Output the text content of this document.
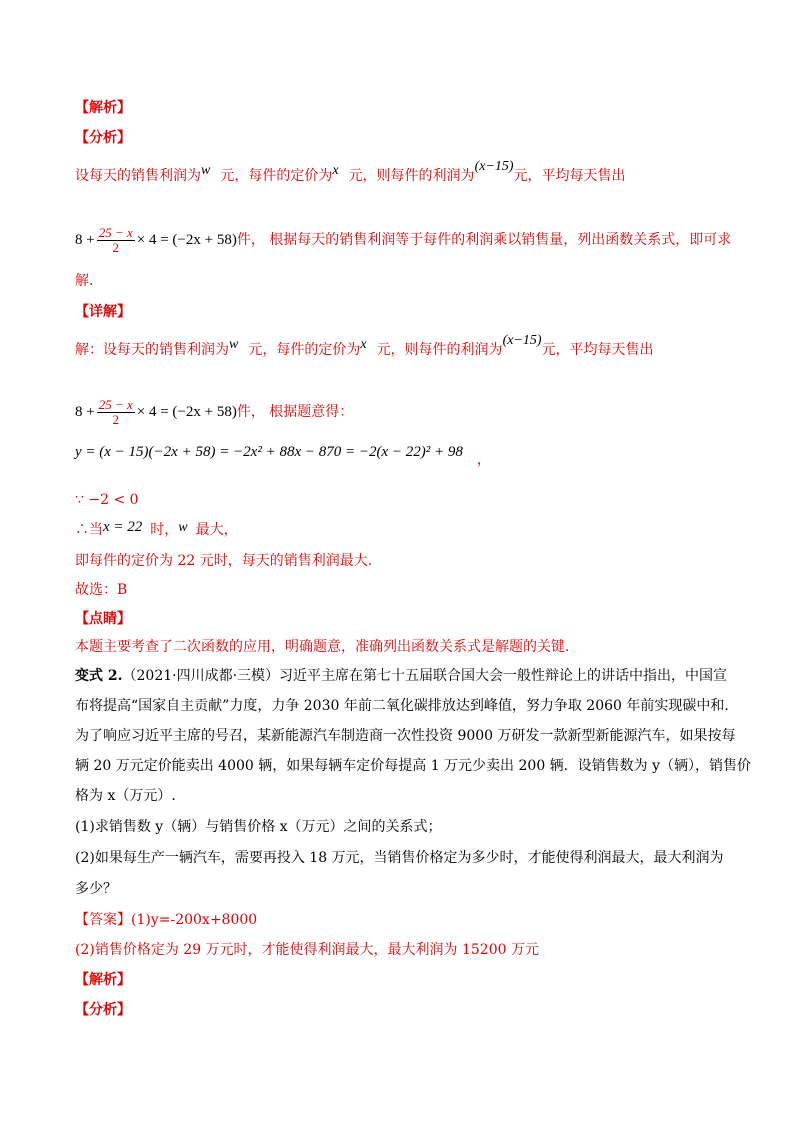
【解析】
【分析】
设每天的销售利润为w 元，每件的定价为x 元，则每件的利润为(x−15)元，平均每天售出
$8 + \frac{25 - x}{2} \times 4 = (-2x + 58)$件， 根据每天的销售利润等于每件的利润乘以销售量，列出函数关系式，即可求
解.
【详解】
解：设每天的销售利润为w 元，每件的定价为x 元，则每件的利润为(x−15)元，平均每天售出
$8 + \frac{25 - x}{2} \times 4 = (-2x + 58)$件， 根据题意得：
y = (x − 15)(−2x + 58) = −2x² + 88x − 870 = −2(x − 22)² + 98 ，
∵ −2 < 0
∴当x = 22 时，w 最大，
即每件的定价为 22 元时，每天的销售利润最大.
故选：B
【点睛】
本题主要考查了二次函数的应用，明确题意，准确列出函数关系式是解题的关键.
变式 2.（2021·四川成都·三模）习近平主席在第七十五届联合国大会一般性辩论上的讲话中指出，中国宣
布将提高“国家自主贡献”力度，力争 2030 年前二氧化碳排放达到峰值，努力争取 2060 年前实现碳中和.
为了响应习近平主席的号召，某新能源汽车制造商一次性投资 9000 万研发一款新型新能源汽车，如果按每
辆 20 万元定价能卖出 4000 辆，如果每辆车定价每提高 1 万元少卖出 200 辆．设销售数为 y（辆），销售价
格为 x（万元）.
(1)求销售数 y（辆）与销售价格 x（万元）之间的关系式；
(2)如果每生产一辆汽车，需要再投入 18 万元，当销售价格定为多少时，才能使得利润最大，最大利润为
多少？
【答案】(1)y=-200x+8000
(2)销售价格定为 29 万元时，才能使得利润最大，最大利润为 15200 万元
【解析】
【分析】
